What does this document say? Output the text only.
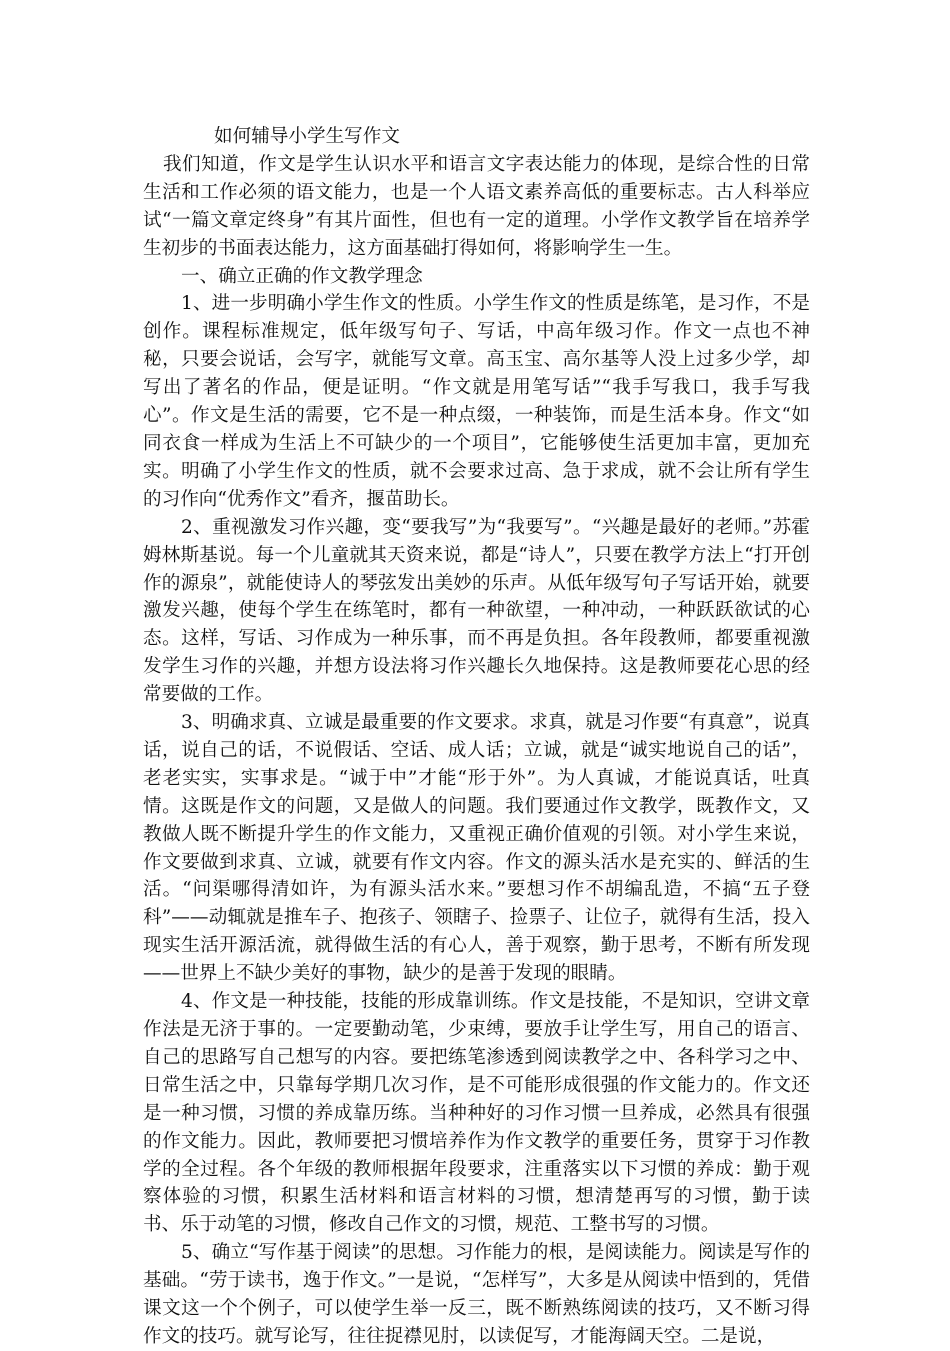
如何辅导小学生写作文

我们知道，作文是学生认识水平和语言文字表达能力的体现，是综合性的日常生活和工作必须的语文能力，也是一个人语文素养高低的重要标志。古人科举应试“一篇文章定终身”有其片面性，但也有一定的道理。小学作文教学旨在培养学生初步的书面表达能力，这方面基础打得如何，将影响学生一生。

一、确立正确的作文教学理念

1、进一步明确小学生作文的性质。小学生作文的性质是练笔，是习作，不是创作。课程标准规定，低年级写句子、写话，中高年级习作。作文一点也不神秘，只要会说话，会写字，就能写文章。高玉宝、高尔基等人没上过多少学，却写出了著名的作品，便是证明。“作文就是用笔写话”“我手写我口，我手写我心”。作文是生活的需要，它不是一种点缀，一种装饰，而是生活本身。作文“如同衣食一样成为生活上不可缺少的一个项目”，它能够使生活更加丰富，更加充实。明确了小学生作文的性质，就不会要求过高、急于求成，就不会让所有学生的习作向“优秀作文”看齐，揠苗助长。

2、重视激发习作兴趣，变“要我写”为“我要写”。“兴趣是最好的老师。”苏霍姆林斯基说。每一个儿童就其天资来说，都是“诗人”，只要在教学方法上“打开创作的源泉”，就能使诗人的琴弦发出美妙的乐声。从低年级写句子写话开始，就要激发兴趣，使每个学生在练笔时，都有一种欲望，一种冲动，一种跃跃欲试的心态。这样，写话、习作成为一种乐事，而不再是负担。各年段教师，都要重视激发学生习作的兴趣，并想方设法将习作兴趣长久地保持。这是教师要花心思的经常要做的工作。

3、明确求真、立诚是最重要的作文要求。求真，就是习作要“有真意”，说真话，说自己的话，不说假话、空话、成人话；立诚，就是“诚实地说自己的话”，老老实实，实事求是。“诚于中”才能“形于外”。为人真诚，才能说真话，吐真情。这既是作文的问题，又是做人的问题。我们要通过作文教学，既教作文，又教做人既不断提升学生的作文能力，又重视正确价值观的引领。对小学生来说，作文要做到求真、立诚，就要有作文内容。作文的源头活水是充实的、鲜活的生活。“问渠哪得清如许，为有源头活水来。”要想习作不胡编乱造，不搞“五子登科”——动辄就是推车子、抱孩子、领瞎子、捡票子、让位子，就得有生活，投入现实生活开源活流，就得做生活的有心人，善于观察，勤于思考，不断有所发现——世界上不缺少美好的事物，缺少的是善于发现的眼睛。

4、作文是一种技能，技能的形成靠训练。作文是技能，不是知识，空讲文章作法是无济于事的。一定要勤动笔，少束缚，要放手让学生写，用自己的语言、自己的思路写自己想写的内容。要把练笔渗透到阅读教学之中、各科学习之中、日常生活之中，只靠每学期几次习作，是不可能形成很强的作文能力的。作文还是一种习惯，习惯的养成靠历练。当种种好的习作习惯一旦养成，必然具有很强的作文能力。因此，教师要把习惯培养作为作文教学的重要任务，贯穿于习作教学的全过程。各个年级的教师根据年段要求，注重落实以下习惯的养成：勤于观察体验的习惯，积累生活材料和语言材料的习惯，想清楚再写的习惯，勤于读书、乐于动笔的习惯，修改自己作文的习惯，规范、工整书写的习惯。

5、确立“写作基于阅读”的思想。习作能力的根，是阅读能力。阅读是写作的基础。“劳于读书，逸于作文。”一是说，“怎样写”，大多是从阅读中悟到的，凭借课文这一个个例子，可以使学生举一反三，既不断熟练阅读的技巧，又不断习得作文的技巧。就写论写，往往捉襟见肘，以读促写，才能海阔天空。二是说，
